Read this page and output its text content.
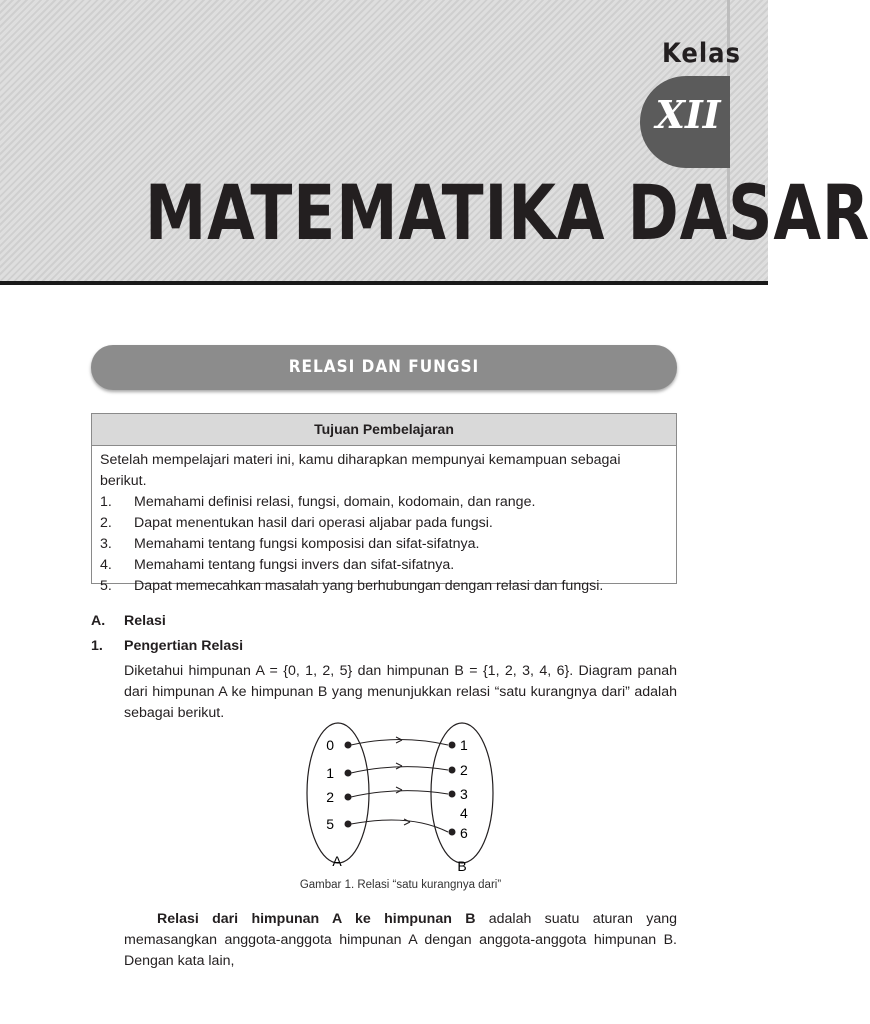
Kelas
XII
MATEMATIKA DASAR
RELASI DAN FUNGSI
Tujuan Pembelajaran
Setelah mempelajari materi ini, kamu diharapkan mempunyai kemampuan sebagai berikut.
1. Memahami definisi relasi, fungsi, domain, kodomain, dan range.
2. Dapat menentukan hasil dari operasi aljabar pada fungsi.
3. Memahami tentang fungsi komposisi dan sifat-sifatnya.
4. Memahami tentang fungsi invers dan sifat-sifatnya.
5. Dapat memecahkan masalah yang berhubungan dengan relasi dan fungsi.
A. Relasi
1. Pengertian Relasi
Diketahui himpunan A = {0, 1, 2, 5} dan himpunan B = {1, 2, 3, 4, 6}. Diagram panah dari himpunan A ke himpunan B yang menunjukkan relasi “satu kurangnya dari” adalah sebagai berikut.
0
1
2
5
1
2
3
4
6
A	B
Gambar 1. Relasi “satu kurangnya dari”
Relasi dari himpunan A ke himpunan B adalah suatu aturan yang memasangkan anggota-anggota himpunan A dengan anggota-anggota himpunan B. Dengan kata lain,
